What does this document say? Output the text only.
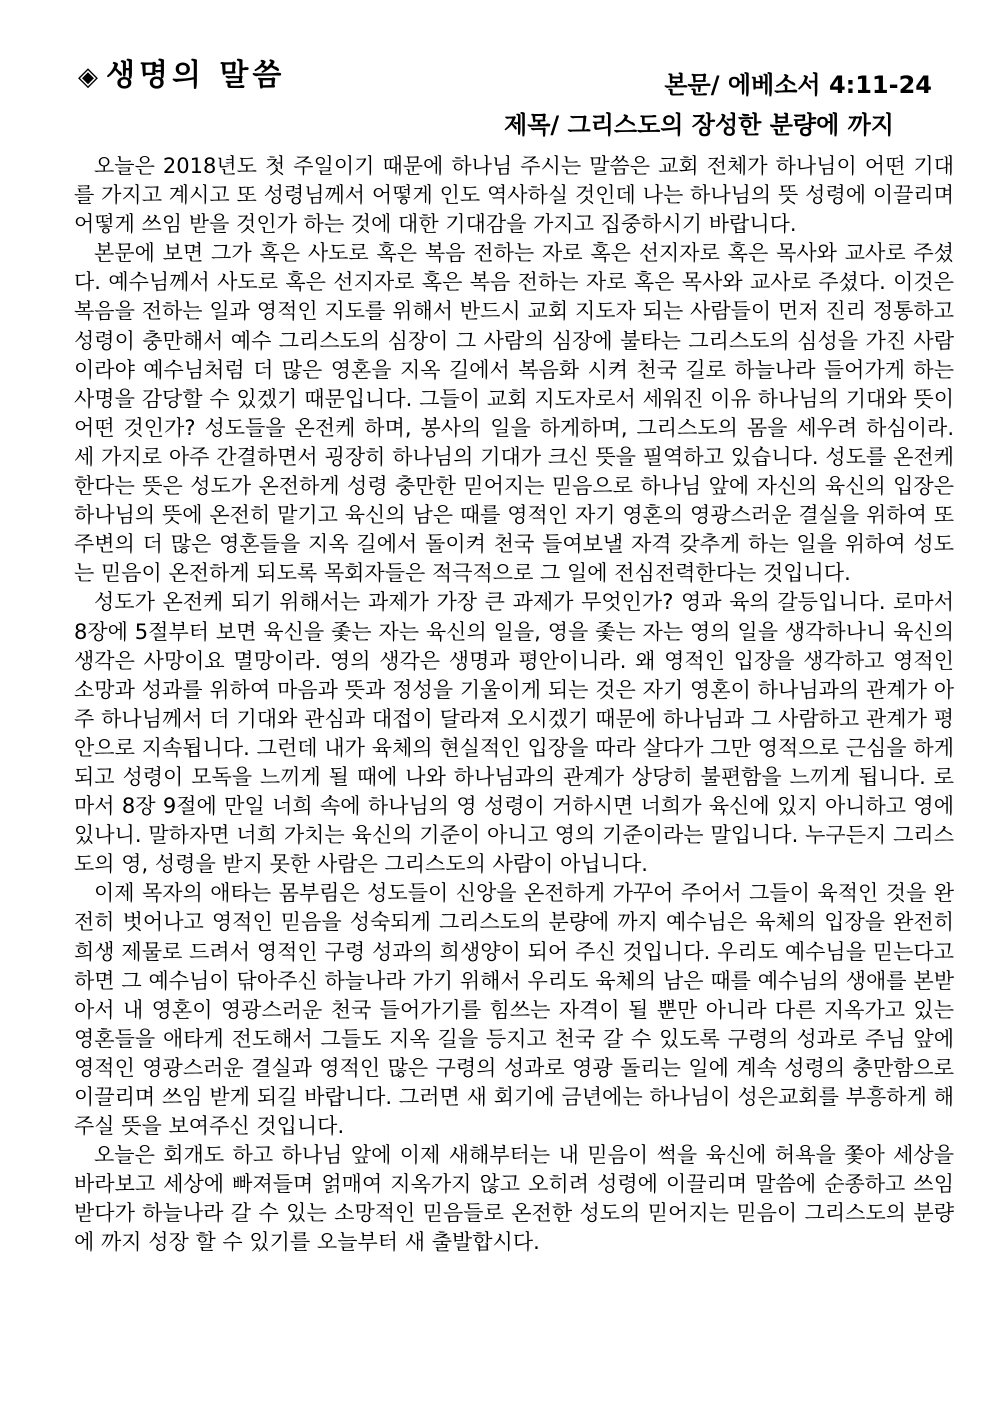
◈ 생명의 말씀	본문/ 에베소서 4:11-24
제목/ 그리스도의 장성한 분량에 까지

오늘은 2018년도 첫 주일이기 때문에 하나님 주시는 말씀은 교회 전체가 하나님이 어떤 기대를 가지고 계시고 또 성령님께서 어떻게 인도 역사하실 것인데 나는 하나님의 뜻 성령에 이끌리며 어떻게 쓰임 받을 것인가 하는 것에 대한 기대감을 가지고 집중하시기 바랍니다.

본문에 보면 그가 혹은 사도로 혹은 복음 전하는 자로 혹은 선지자로 혹은 목사와 교사로 주셨다. 예수님께서 사도로 혹은 선지자로 혹은 복음 전하는 자로 혹은 목사와 교사로 주셨다. 이것은 복음을 전하는 일과 영적인 지도를 위해서 반드시 교회 지도자 되는 사람들이 먼저 진리 정통하고 성령이 충만해서 예수 그리스도의 심장이 그 사람의 심장에 불타는 그리스도의 심성을 가진 사람이라야 예수님처럼 더 많은 영혼을 지옥 길에서 복음화 시켜 천국 길로 하늘나라 들어가게 하는 사명을 감당할 수 있겠기 때문입니다. 그들이 교회 지도자로서 세워진 이유 하나님의 기대와 뜻이 어떤 것인가? 성도들을 온전케 하며, 봉사의 일을 하게하며, 그리스도의 몸을 세우려 하심이라. 세 가지로 아주 간결하면서 굉장히 하나님의 기대가 크신 뜻을 필역하고 있습니다. 성도를 온전케 한다는 뜻은 성도가 온전하게 성령 충만한 믿어지는 믿음으로 하나님 앞에 자신의 육신의 입장은 하나님의 뜻에 온전히 맡기고 육신의 남은 때를 영적인 자기 영혼의 영광스러운 결실을 위하여 또 주변의 더 많은 영혼들을 지옥 길에서 돌이켜 천국 들여보낼 자격 갖추게 하는 일을 위하여 성도는 믿음이 온전하게 되도록 목회자들은 적극적으로 그 일에 전심전력한다는 것입니다.

성도가 온전케 되기 위해서는 과제가 가장 큰 과제가 무엇인가? 영과 육의 갈등입니다. 로마서 8장에 5절부터 보면 육신을 좇는 자는 육신의 일을, 영을 좇는 자는 영의 일을 생각하나니 육신의 생각은 사망이요 멸망이라. 영의 생각은 생명과 평안이니라. 왜 영적인 입장을 생각하고 영적인 소망과 성과를 위하여 마음과 뜻과 정성을 기울이게 되는 것은 자기 영혼이 하나님과의 관계가 아주 하나님께서 더 기대와 관심과 대접이 달라져 오시겠기 때문에 하나님과 그 사람하고 관계가 평안으로 지속됩니다. 그런데 내가 육체의 현실적인 입장을 따라 살다가 그만 영적으로 근심을 하게 되고 성령이 모독을 느끼게 될 때에 나와 하나님과의 관계가 상당히 불편함을 느끼게 됩니다. 로마서 8장 9절에 만일 너희 속에 하나님의 영 성령이 거하시면 너희가 육신에 있지 아니하고 영에 있나니. 말하자면 너희 가치는 육신의 기준이 아니고 영의 기준이라는 말입니다. 누구든지 그리스도의 영, 성령을 받지 못한 사람은 그리스도의 사람이 아닙니다.

이제 목자의 애타는 몸부림은 성도들이 신앙을 온전하게 가꾸어 주어서 그들이 육적인 것을 완전히 벗어나고 영적인 믿음을 성숙되게 그리스도의 분량에 까지 예수님은 육체의 입장을 완전히 희생 제물로 드려서 영적인 구령 성과의 희생양이 되어 주신 것입니다. 우리도 예수님을 믿는다고 하면 그 예수님이 닦아주신 하늘나라 가기 위해서 우리도 육체의 남은 때를 예수님의 생애를 본받아서 내 영혼이 영광스러운 천국 들어가기를 힘쓰는 자격이 될 뿐만 아니라 다른 지옥가고 있는 영혼들을 애타게 전도해서 그들도 지옥 길을 등지고 천국 갈 수 있도록 구령의 성과로 주님 앞에 영적인 영광스러운 결실과 영적인 많은 구령의 성과로 영광 돌리는 일에 계속 성령의 충만함으로 이끌리며 쓰임 받게 되길 바랍니다. 그러면 새 회기에 금년에는 하나님이 성은교회를 부흥하게 해 주실 뜻을 보여주신 것입니다.

오늘은 회개도 하고 하나님 앞에 이제 새해부터는 내 믿음이 썩을 육신에 허욕을 쫓아 세상을 바라보고 세상에 빠져들며 얽매여 지옥가지 않고 오히려 성령에 이끌리며 말씀에 순종하고 쓰임 받다가 하늘나라 갈 수 있는 소망적인 믿음들로 온전한 성도의 믿어지는 믿음이 그리스도의 분량에 까지 성장 할 수 있기를 오늘부터 새 출발합시다.
